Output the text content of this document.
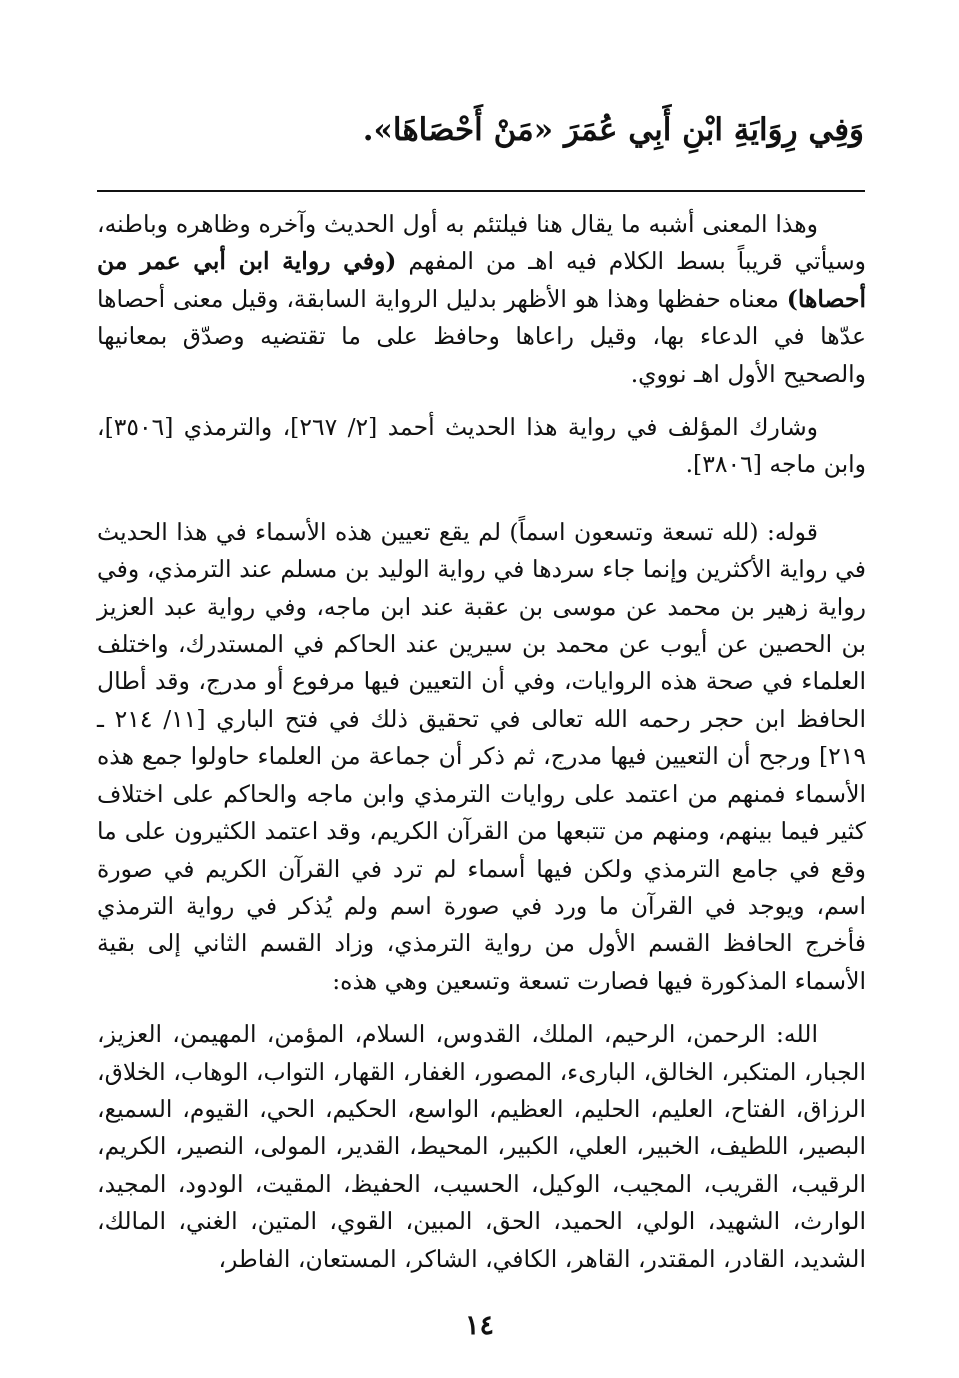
وَفِي رِوَايَةِ ابْنِ أَبِي عُمَرَ «مَنْ أَحْصَاهَا».

وهذا المعنى أشبه ما يقال هنا فيلتئم به أول الحديث وآخره وظاهره وباطنه، وسيأتي قريباً بسط الكلام فيه اهـ من المفهم (وفي رواية ابن أبي عمر من أحصاها) معناه حفظها وهذا هو الأظهر بدليل الرواية السابقة، وقيل معنى أحصاها عدّها في الدعاء بها، وقيل راعاها وحافظ على ما تقتضيه وصدّق بمعانيها والصحيح الأول اهـ نووي.

وشارك المؤلف في رواية هذا الحديث أحمد [٢/ ٢٦٧]، والترمذي [٣٥٠٦]، وابن ماجه [٣٨٠٦].

قوله: (لله تسعة وتسعون اسماً) لم يقع تعيين هذه الأسماء في هذا الحديث في رواية الأكثرين وإنما جاء سردها في رواية الوليد بن مسلم عند الترمذي، وفي رواية زهير بن محمد عن موسى بن عقبة عند ابن ماجه، وفي رواية عبد العزيز بن الحصين عن أيوب عن محمد بن سيرين عند الحاكم في المستدرك، واختلف العلماء في صحة هذه الروايات، وفي أن التعيين فيها مرفوع أو مدرج، وقد أطال الحافظ ابن حجر رحمه الله تعالى في تحقيق ذلك في فتح الباري [١١/ ٢١٤ ـ ٢١٩] ورجح أن التعيين فيها مدرج، ثم ذكر أن جماعة من العلماء حاولوا جمع هذه الأسماء فمنهم من اعتمد على روايات الترمذي وابن ماجه والحاكم على اختلاف كثير فيما بينهم، ومنهم من تتبعها من القرآن الكريم، وقد اعتمد الكثيرون على ما وقع في جامع الترمذي ولكن فيها أسماء لم ترد في القرآن الكريم في صورة اسم، ويوجد في القرآن ما ورد في صورة اسم ولم يُذكر في رواية الترمذي فأخرج الحافظ القسم الأول من رواية الترمذي، وزاد القسم الثاني إلى بقية الأسماء المذكورة فيها فصارت تسعة وتسعين وهي هذه:

الله: الرحمن، الرحيم، الملك، القدوس، السلام، المؤمن، المهيمن، العزيز، الجبار، المتكبر، الخالق، البارىء، المصور، الغفار، القهار، التواب، الوهاب، الخلاق، الرزاق، الفتاح، العليم، الحليم، العظيم، الواسع، الحكيم، الحي، القيوم، السميع، البصير، اللطيف، الخبير، العلي، الكبير، المحيط، القدير، المولى، النصير، الكريم، الرقيب، القريب، المجيب، الوكيل، الحسيب، الحفيظ، المقيت، الودود، المجيد، الوارث، الشهيد، الولي، الحميد، الحق، المبين، القوي، المتين، الغني، المالك، الشديد، القادر، المقتدر، القاهر، الكافي، الشاكر، المستعان، الفاطر،

١٤
